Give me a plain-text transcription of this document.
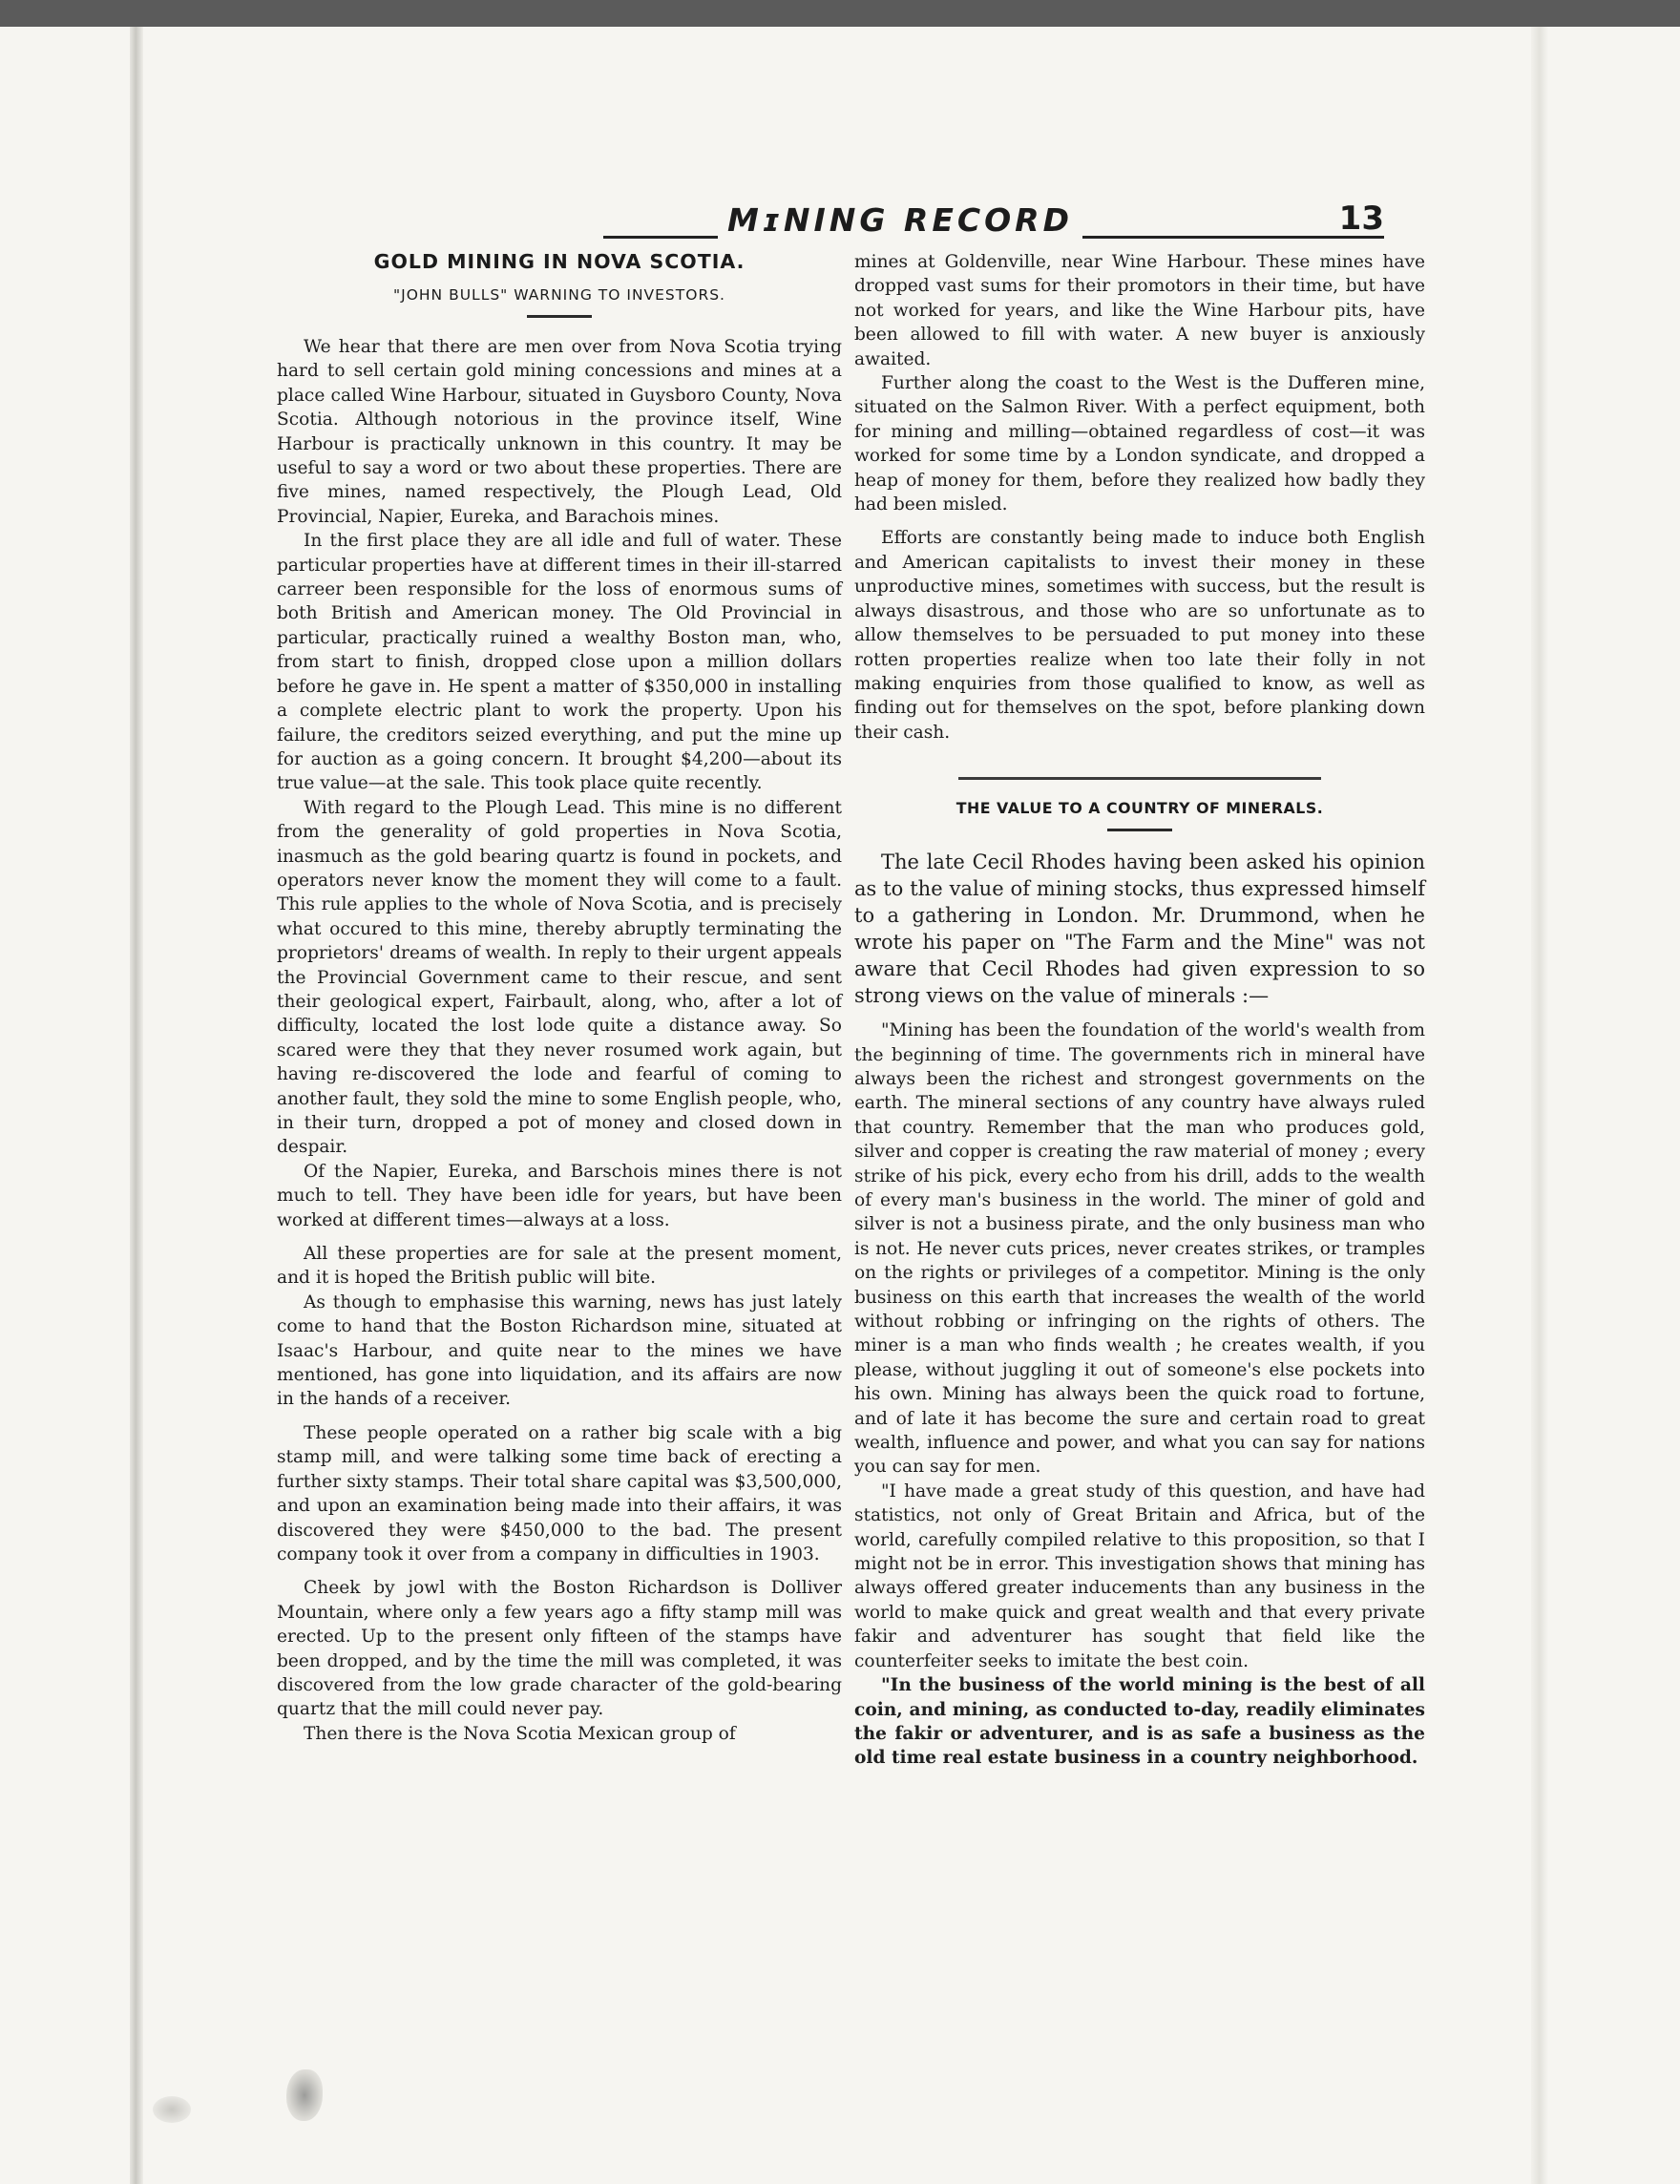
MɪNING RECORD	13
GOLD MINING IN NOVA SCOTIA.
"JOHN BULLS" WARNING TO INVESTORS.

We hear that there are men over from Nova Scotia trying hard to sell certain gold mining concessions and mines at a place called Wine Harbour, situated in Guysboro County, Nova Scotia. Although notorious in the province itself, Wine Harbour is practically unknown in this country. It may be useful to say a word or two about these properties. There are five mines, named respectively, the Plough Lead, Old Provincial, Napier, Eureka, and Barachois mines.

In the first place they are all idle and full of water. These particular properties have at different times in their ill-starred carreer been responsible for the loss of enormous sums of both British and American money. The Old Provincial in particular, practically ruined a wealthy Boston man, who, from start to finish, dropped close upon a million dollars before he gave in. He spent a matter of $350,000 in installing a complete electric plant to work the property. Upon his failure, the creditors seized everything, and put the mine up for auction as a going concern. It brought $4,200—about its true value—at the sale. This took place quite recently.

With regard to the Plough Lead. This mine is no different from the generality of gold properties in Nova Scotia, inasmuch as the gold bearing quartz is found in pockets, and operators never know the moment they will come to a fault. This rule applies to the whole of Nova Scotia, and is precisely what occured to this mine, thereby abruptly terminating the proprietors' dreams of wealth. In reply to their urgent appeals the Provincial Government came to their rescue, and sent their geological expert, Fairbault, along, who, after a lot of difficulty, located the lost lode quite a distance away. So scared were they that they never rosumed work again, but having re-discovered the lode and fearful of coming to another fault, they sold the mine to some English people, who, in their turn, dropped a pot of money and closed down in despair.

Of the Napier, Eureka, and Barschois mines there is not much to tell. They have been idle for years, but have been worked at different times—always at a loss.

All these properties are for sale at the present moment, and it is hoped the British public will bite.

As though to emphasise this warning, news has just lately come to hand that the Boston Richardson mine, situated at Isaac's Harbour, and quite near to the mines we have mentioned, has gone into liquidation, and its affairs are now in the hands of a receiver.

These people operated on a rather big scale with a big stamp mill, and were talking some time back of erecting a further sixty stamps. Their total share capital was $3,500,000, and upon an examination being made into their affairs, it was discovered they were $450,000 to the bad. The present company took it over from a company in difficulties in 1903.

Cheek by jowl with the Boston Richardson is Dolliver Mountain, where only a few years ago a fifty stamp mill was erected. Up to the present only fifteen of the stamps have been dropped, and by the time the mill was completed, it was discovered from the low grade character of the gold-bearing quartz that the mill could never pay.

Then there is the Nova Scotia Mexican group of

mines at Goldenville, near Wine Harbour. These mines have dropped vast sums for their promotors in their time, but have not worked for years, and like the Wine Harbour pits, have been allowed to fill with water. A new buyer is anxiously awaited.

Further along the coast to the West is the Dufferen mine, situated on the Salmon River. With a perfect equipment, both for mining and milling—obtained regardless of cost—it was worked for some time by a London syndicate, and dropped a heap of money for them, before they realized how badly they had been misled.

Efforts are constantly being made to induce both English and American capitalists to invest their money in these unproductive mines, sometimes with success, but the result is always disastrous, and those who are so unfortunate as to allow themselves to be persuaded to put money into these rotten properties realize when too late their folly in not making enquiries from those qualified to know, as well as finding out for themselves on the spot, before planking down their cash.

THE VALUE TO A COUNTRY OF MINERALS.

The late Cecil Rhodes having been asked his opinion as to the value of mining stocks, thus expressed himself to a gathering in London. Mr. Drummond, when he wrote his paper on "The Farm and the Mine" was not aware that Cecil Rhodes had given expression to so strong views on the value of minerals :—

"Mining has been the foundation of the world's wealth from the beginning of time. The governments rich in mineral have always been the richest and strongest governments on the earth. The mineral sections of any country have always ruled that country. Remember that the man who produces gold, silver and copper is creating the raw material of money ; every strike of his pick, every echo from his drill, adds to the wealth of every man's business in the world. The miner of gold and silver is not a business pirate, and the only business man who is not. He never cuts prices, never creates strikes, or tramples on the rights or privileges of a competitor. Mining is the only business on this earth that increases the wealth of the world without robbing or infringing on the rights of others. The miner is a man who finds wealth ; he creates wealth, if you please, without juggling it out of someone's else pockets into his own. Mining has always been the quick road to fortune, and of late it has become the sure and certain road to great wealth, influence and power, and what you can say for nations you can say for men.

"I have made a great study of this question, and have had statistics, not only of Great Britain and Africa, but of the world, carefully compiled relative to this proposition, so that I might not be in error. This investigation shows that mining has always offered greater inducements than any business in the world to make quick and great wealth and that every private fakir and adventurer has sought that field like the counterfeiter seeks to imitate the best coin.

"In the business of the world mining is the best of all coin, and mining, as conducted to-day, readily eliminates the fakir or adventurer, and is as safe a business as the old time real estate business in a country neighborhood.
